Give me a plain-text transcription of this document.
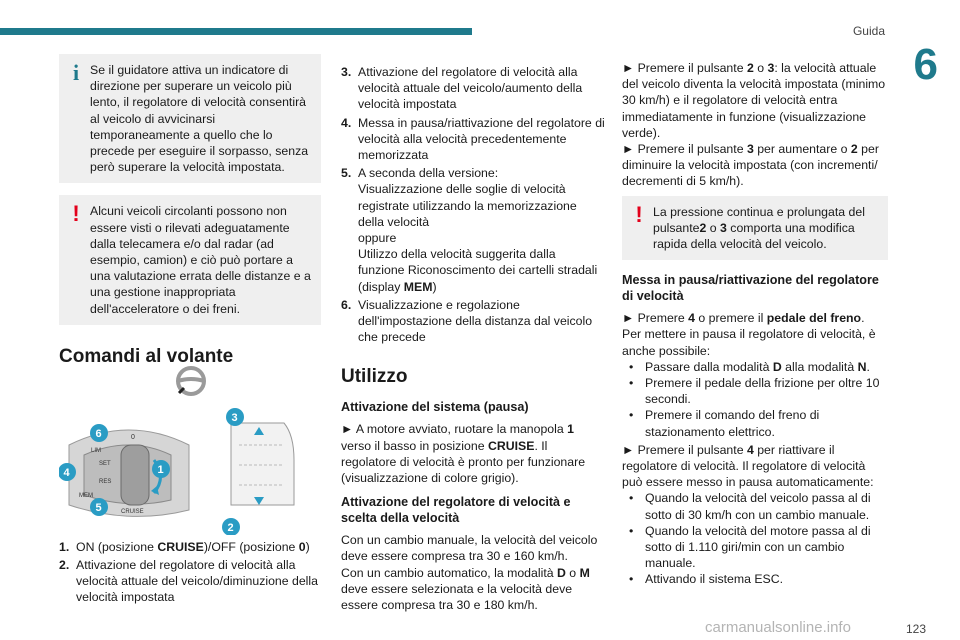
Guida
6
i Se il guidatore attiva un indicatore di direzione per superare un veicolo più lento, il regolatore di velocità consentirà al veicolo di avvicinarsi temporaneamente a quello che lo precede per eseguire il sorpasso, senza però superare la velocità impostata.

! Alcuni veicoli circolanti possono non essere visti o rilevati adeguatamente dalla telecamera e/o dal radar (ad esempio, camion) e ciò può portare a una valutazione errata delle distanze e a una gestione inappropriata dell'acceleratore o dei freni.

Comandi al volante
LIM
SET
RES
MEM
CRUISE
0
6
4
5
1
3
2
1. ON (posizione CRUISE)/OFF (posizione 0)
2. Attivazione del regolatore di velocità alla velocità attuale del veicolo/diminuzione della velocità impostata
3. Attivazione del regolatore di velocità alla velocità attuale del veicolo/aumento della velocità impostata
4. Messa in pausa/riattivazione del regolatore di velocità alla velocità precedentemente memorizzata
5. A seconda della versione:
Visualizzazione delle soglie di velocità registrate utilizzando la memorizzazione della velocità
oppure
Utilizzo della velocità suggerita dalla funzione Riconoscimento dei cartelli stradali (display MEM)
6. Visualizzazione e regolazione dell'impostazione della distanza dal veicolo che precede
Utilizzo
Attivazione del sistema (pausa)

► A motore avviato, ruotare la manopola 1 verso il basso in posizione CRUISE. Il regolatore di velocità è pronto per funzionare (visualizzazione di colore grigio).

Attivazione del regolatore di velocità e scelta della velocità

Con un cambio manuale, la velocità del veicolo deve essere compresa tra 30 e 160 km/h.

Con un cambio automatico, la modalità D o M deve essere selezionata e la velocità deve essere compresa tra 30 e 180 km/h.

► Premere il pulsante 2 o 3: la velocità attuale del veicolo diventa la velocità impostata (minimo 30 km/h) e il regolatore di velocità entra immediatamente in funzione (visualizzazione verde).

► Premere il pulsante 3 per aumentare o 2 per diminuire la velocità impostata (con incrementi/ decrementi di 5 km/h).

! La pressione continua e prolungata del pulsante2 o 3 comporta una modifica rapida della velocità del veicolo.

Messa in pausa/riattivazione del regolatore di velocità

► Premere 4 o premere il pedale del freno.

Per mettere in pausa il regolatore di velocità, è anche possibile:

• Passare dalla modalità D alla modalità N.
• Premere il pedale della frizione per oltre 10 secondi.
• Premere il comando del freno di stazionamento elettrico.

► Premere il pulsante 4 per riattivare il regolatore di velocità. Il regolatore di velocità può essere messo in pausa automaticamente:

• Quando la velocità del veicolo passa al di sotto di 30 km/h con un cambio manuale.
• Quando la velocità del motore passa al di sotto di 1.110 giri/min con un cambio manuale.
• Attivando il sistema ESC.
carmanualsonline.info	123
